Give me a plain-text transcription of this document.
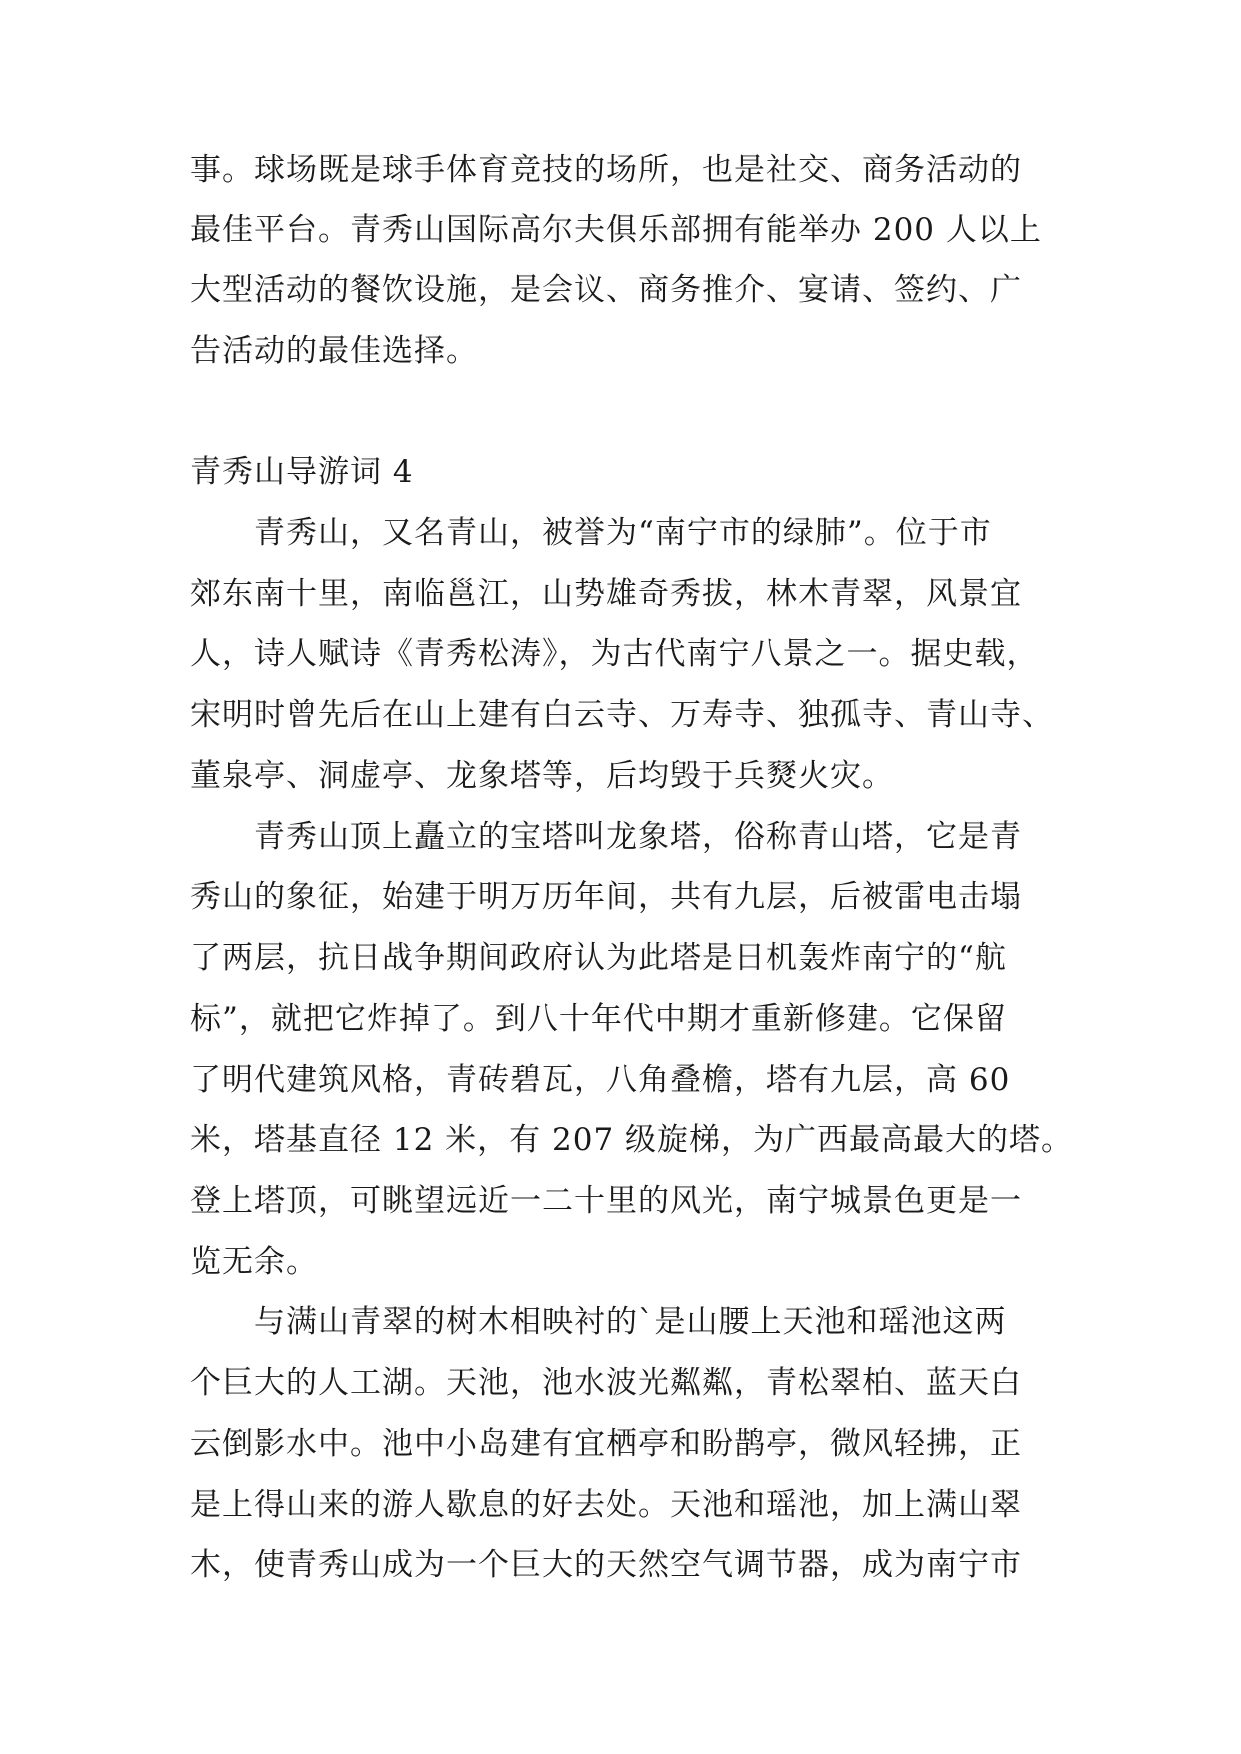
事。球场既是球手体育竞技的场所，也是社交、商务活动的
最佳平台。青秀山国际高尔夫俱乐部拥有能举办 200 人以上
大型活动的餐饮设施，是会议、商务推介、宴请、签约、广
告活动的最佳选择。
青秀山导游词 4
　　青秀山，又名青山，被誉为“南宁市的绿肺”。位于市
郊东南十里，南临邕江，山势雄奇秀拔，林木青翠，风景宜
人，诗人赋诗《青秀松涛》，为古代南宁八景之一。据史载，
宋明时曾先后在山上建有白云寺、万寿寺、独孤寺、青山寺、
董泉亭、洞虚亭、龙象塔等，后均毁于兵燹火灾。
　　青秀山顶上矗立的宝塔叫龙象塔，俗称青山塔，它是青
秀山的象征，始建于明万历年间，共有九层，后被雷电击塌
了两层，抗日战争期间政府认为此塔是日机轰炸南宁的“航
标”，就把它炸掉了。到八十年代中期才重新修建。它保留
了明代建筑风格，青砖碧瓦，八角叠檐，塔有九层，高 60
米，塔基直径 12 米，有 207 级旋梯，为广西最高最大的塔。
登上塔顶，可眺望远近一二十里的风光，南宁城景色更是一
览无余。
　　与满山青翠的树木相映衬的`是山腰上天池和瑶池这两
个巨大的人工湖。天池，池水波光粼粼，青松翠柏、蓝天白
云倒影水中。池中小岛建有宜栖亭和盼鹊亭，微风轻拂，正
是上得山来的游人歇息的好去处。天池和瑶池，加上满山翠
木，使青秀山成为一个巨大的天然空气调节器，成为南宁市
